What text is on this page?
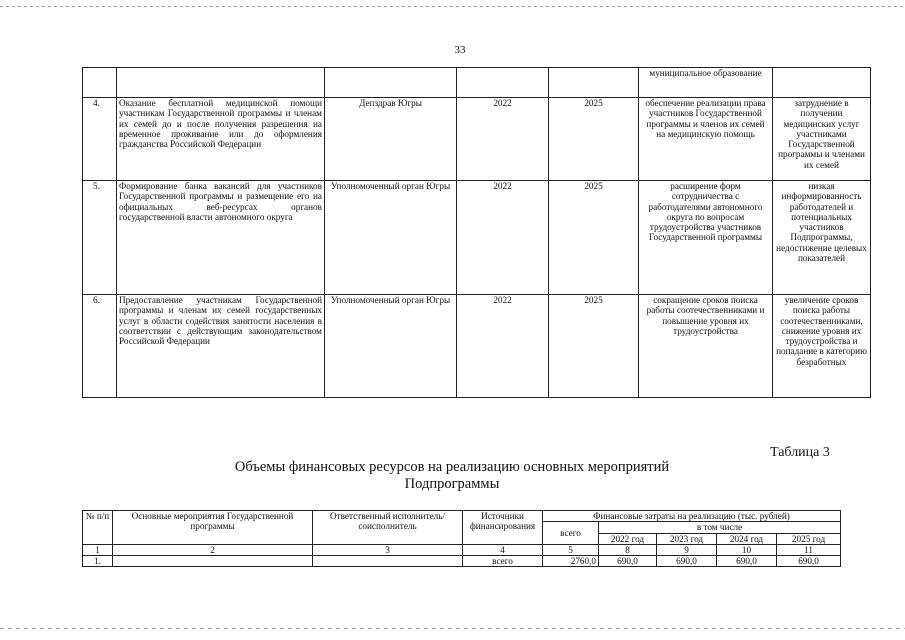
33
					муниципальное образование	
4.	Оказание бесплатной медицинской помощи участникам Государственной программы и членам их семей до и после получения разрешения на временное проживание или до оформления гражданства Российской Федерации	Депздрав Югры	2022	2025	обеспечение реализации права участников Государственной программы и членов их семей на медицинскую помощь	затруднение в получении медицинских услуг участниками Государственной программы и членами их семей
5.	Формирование банка вакансий для участников Государственной программы и размещение его на официальных веб-ресурсах органов государственной власти автономного округа	Уполномоченный орган Югры	2022	2025	расширение форм сотрудничества с работодателями автономного округа по вопросам трудоустройства участников Государственной программы	низкая информированность работодателей и потенциальных участников Подпрограммы, недостижение целевых показателей
6.	Предоставление участникам Государственной программы и членам их семей государственных услуг в области содействия занятости населения в соответствии с действующим законодательством Российской Федерации	Уполномоченный орган Югры	2022	2025	сокращение сроков поиска работы соотечественниками и повышение уровня их трудоустройства	увеличение сроков поиска работы соотечественниками, снижение уровня их трудоустройства и попадание в категорию безработных
Таблица 3
Объемы финансовых ресурсов на реализацию основных мероприятий Подпрограммы
№ п/п	Основные мероприятия Государственной программы	Ответственный исполнитель/ соисполнитель	Источники финансирования	Финансовые затраты на реализацию (тыс. рублей)				
				всего	в том числе			
					2022 год	2023 год	2024 год	2025 год
1	2	3	4	5	8	9	10	11
1.			всего	2760,0	690,0	690,0	690,0	690,0
